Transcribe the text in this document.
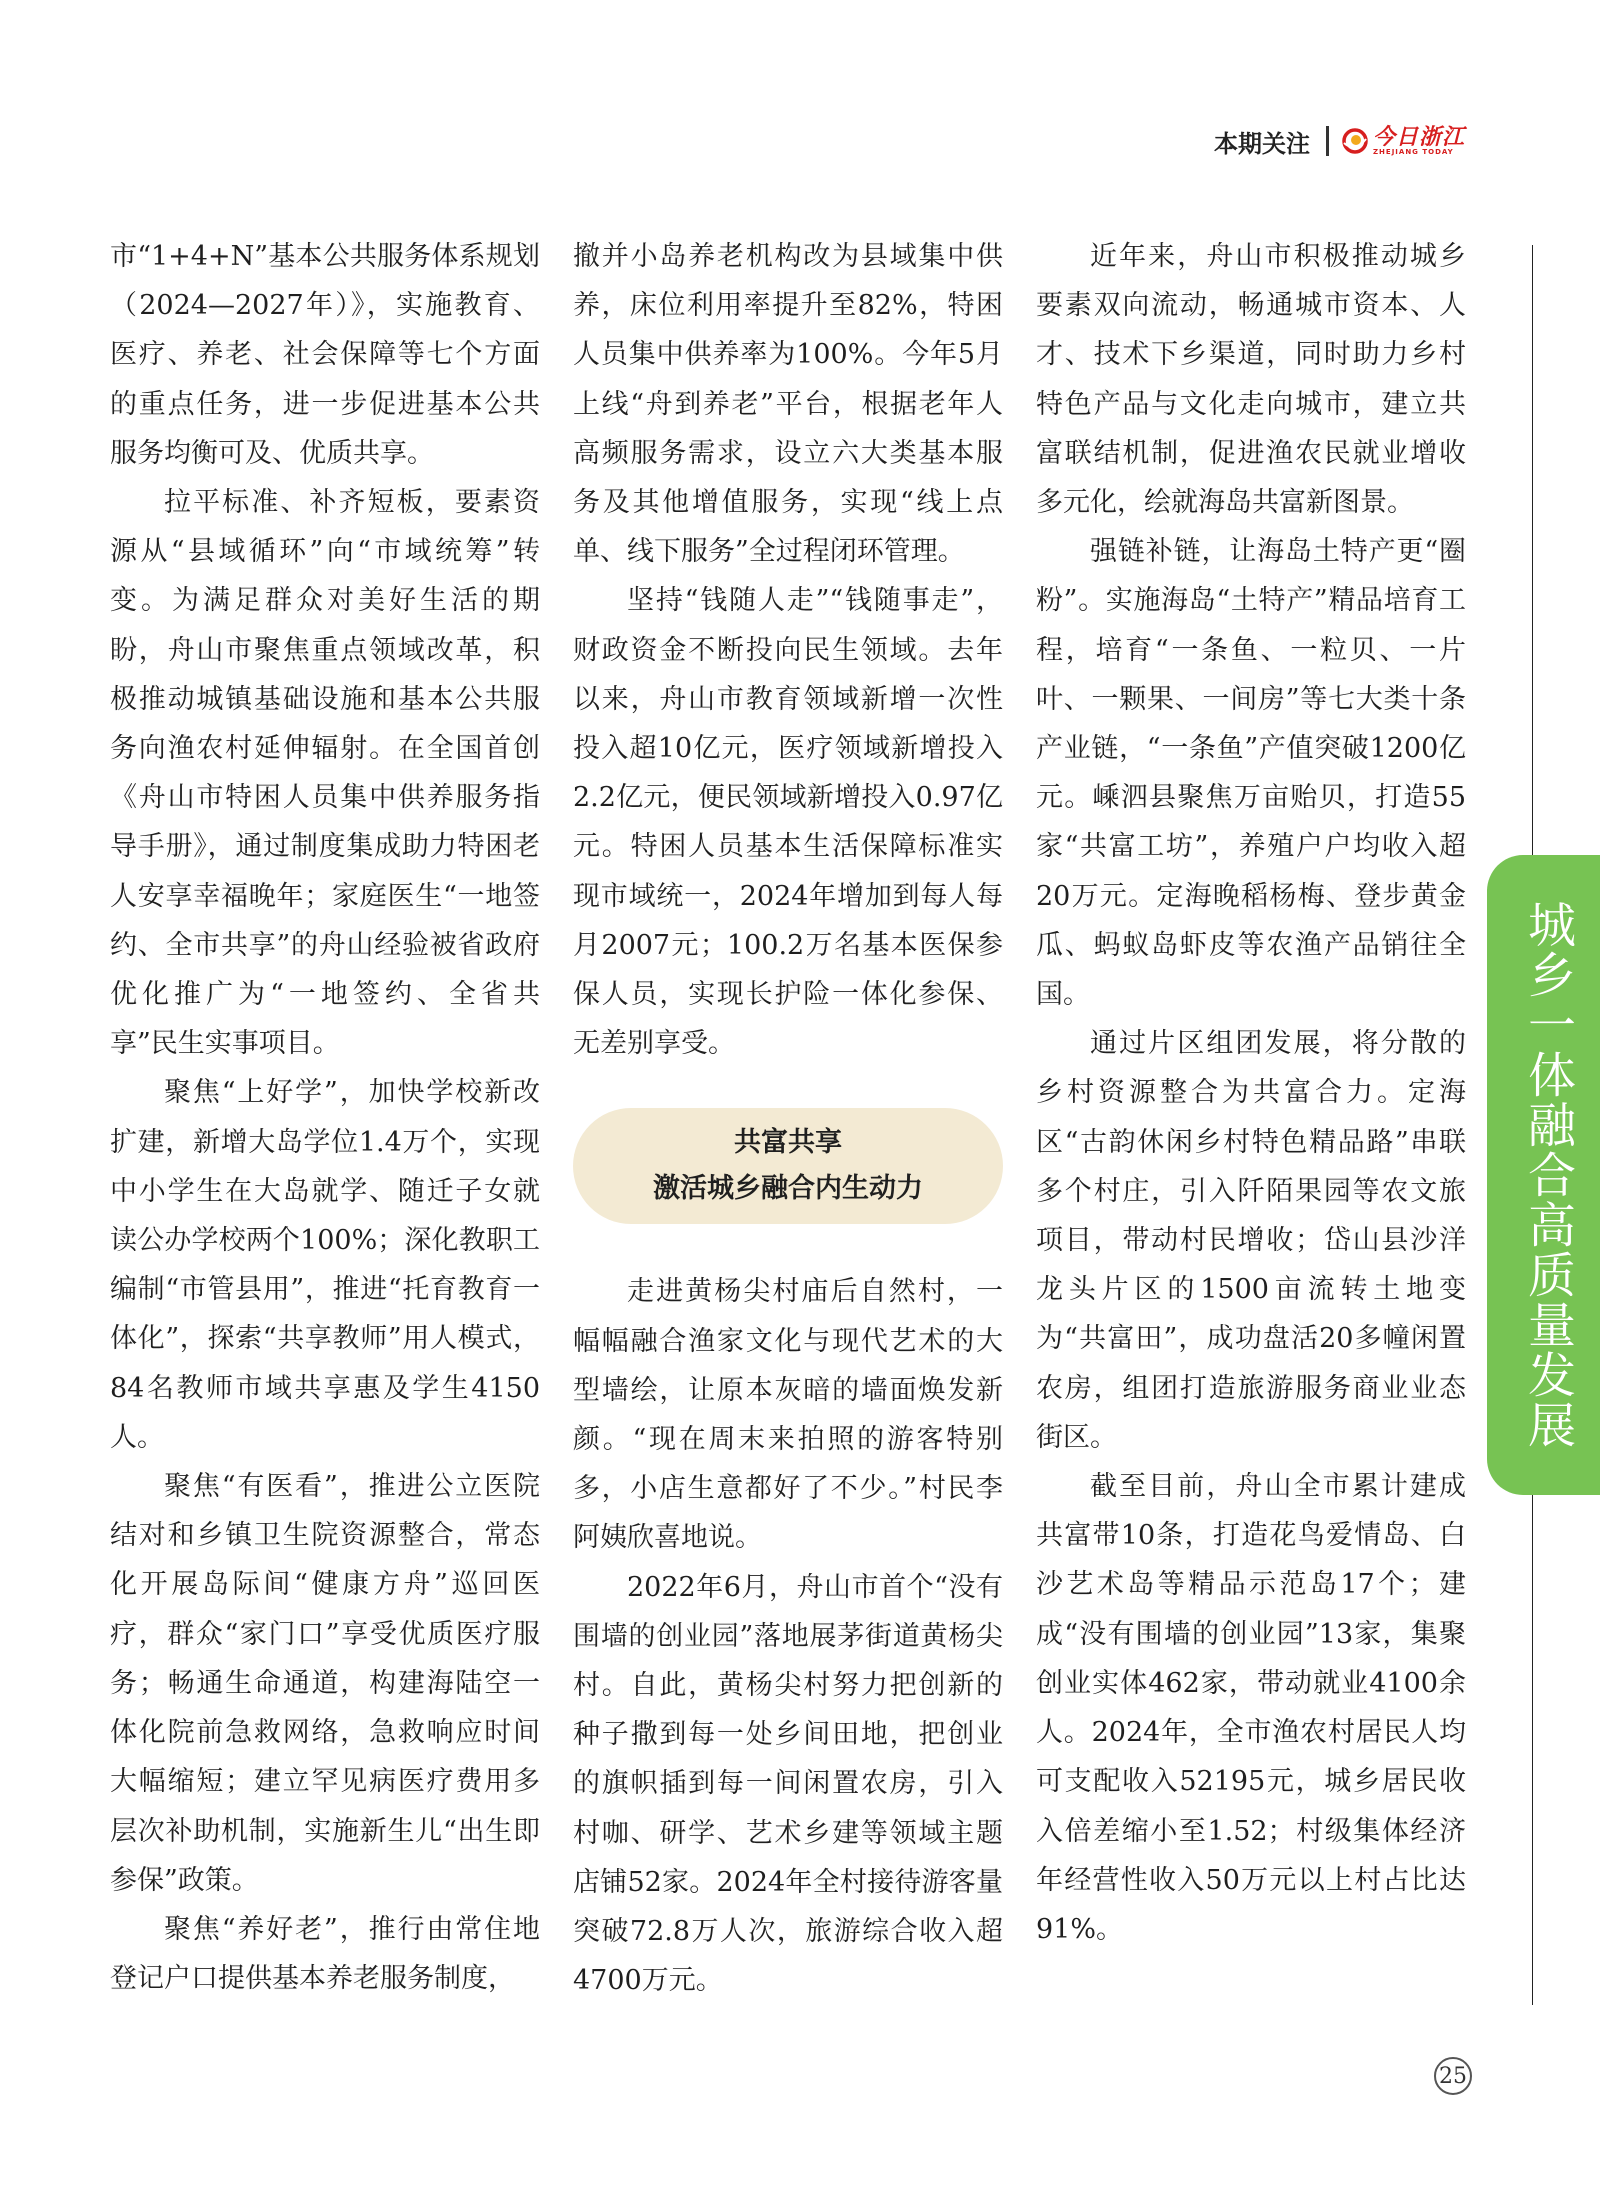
本期关注	今日浙江
ZHEJIANG TODAY

市“1+4+N”基本公共服务体系规划（2024—2027年）》，实施教育、医疗、养老、社会保障等七个方面的重点任务，进一步促进基本公共服务均衡可及、优质共享。

拉平标准、补齐短板，要素资源从“县域循环”向“市域统筹”转变。为满足群众对美好生活的期盼，舟山市聚焦重点领域改革，积极推动城镇基础设施和基本公共服务向渔农村延伸辐射。在全国首创《舟山市特困人员集中供养服务指导手册》，通过制度集成助力特困老人安享幸福晚年；家庭医生“一地签约、全市共享”的舟山经验被省政府优化推广为“一地签约、全省共享”民生实事项目。

聚焦“上好学”，加快学校新改扩建，新增大岛学位1.4万个，实现中小学生在大岛就学、随迁子女就读公办学校两个100%；深化教职工编制“市管县用”，推进“托育教育一体化”，探索“共享教师”用人模式，84名教师市域共享惠及学生4150人。

聚焦“有医看”，推进公立医院结对和乡镇卫生院资源整合，常态化开展岛际间“健康方舟”巡回医疗，群众“家门口”享受优质医疗服务；畅通生命通道，构建海陆空一体化院前急救网络，急救响应时间大幅缩短；建立罕见病医疗费用多层次补助机制，实施新生儿“出生即参保”政策。

聚焦“养好老”，推行由常住地登记户口提供基本养老服务制度，

撤并小岛养老机构改为县域集中供养，床位利用率提升至82%，特困人员集中供养率为100%。今年5月上线“舟到养老”平台，根据老年人高频服务需求，设立六大类基本服务及其他增值服务，实现“线上点单、线下服务”全过程闭环管理。

坚持“钱随人走”“钱随事走”，财政资金不断投向民生领域。去年以来，舟山市教育领域新增一次性投入超10亿元，医疗领域新增投入2.2亿元，便民领域新增投入0.97亿元。特困人员基本生活保障标准实现市域统一，2024年增加到每人每月2007元；100.2万名基本医保参保人员，实现长护险一体化参保、无差别享受。

共富共享
激活城乡融合内生动力

走进黄杨尖村庙后自然村，一幅幅融合渔家文化与现代艺术的大型墙绘，让原本灰暗的墙面焕发新颜。“现在周末来拍照的游客特别多，小店生意都好了不少。”村民李阿姨欣喜地说。

2022年6月，舟山市首个“没有围墙的创业园”落地展茅街道黄杨尖村。自此，黄杨尖村努力把创新的种子撒到每一处乡间田地，把创业的旗帜插到每一间闲置农房，引入村咖、研学、艺术乡建等领域主题店铺52家。2024年全村接待游客量突破72.8万人次，旅游综合收入超4700万元。

近年来，舟山市积极推动城乡要素双向流动，畅通城市资本、人才、技术下乡渠道，同时助力乡村特色产品与文化走向城市，建立共富联结机制，促进渔农民就业增收多元化，绘就海岛共富新图景。

强链补链，让海岛土特产更“圈粉”。实施海岛“土特产”精品培育工程，培育“一条鱼、一粒贝、一片叶、一颗果、一间房”等七大类十条产业链，“一条鱼”产值突破1200亿元。嵊泗县聚焦万亩贻贝，打造55家“共富工坊”，养殖户户均收入超20万元。定海晚稻杨梅、登步黄金瓜、蚂蚁岛虾皮等农渔产品销往全国。

通过片区组团发展，将分散的乡村资源整合为共富合力。定海区“古韵休闲乡村特色精品路”串联多个村庄，引入阡陌果园等农文旅项目，带动村民增收；岱山县沙洋龙头片区的1500亩流转土地变为“共富田”，成功盘活20多幢闲置农房，组团打造旅游服务商业业态街区。

截至目前，舟山全市累计建成共富带10条，打造花鸟爱情岛、白沙艺术岛等精品示范岛17个；建成“没有围墙的创业园”13家，集聚创业实体462家，带动就业4100余人。2024年，全市渔农村居民人均可支配收入52195元，城乡居民收入倍差缩小至1.52；村级集体经济年经营性收入50万元以上村占比达91%。

城乡一体融合高质量发展
25
